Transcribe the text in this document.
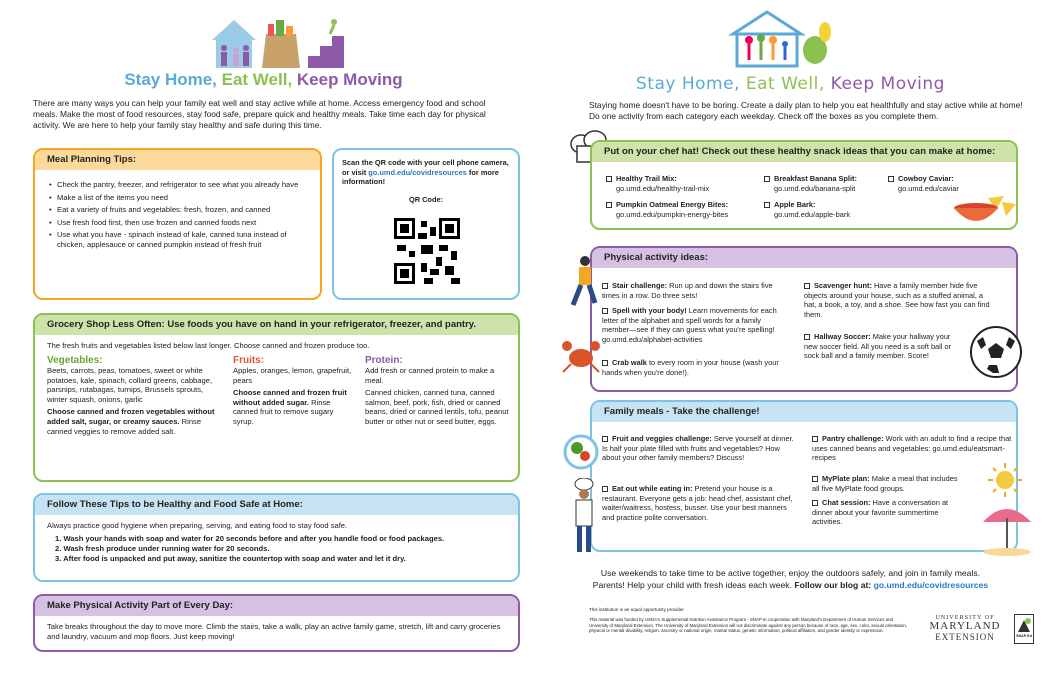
Stay Home, Eat Well, Keep Moving
There are many ways you can help your family eat well and stay active while at home. Access emergency food and school meals. Make the most of food resources, stay food safe, prepare quick and healthy meals. Take time each day for physical activity. We are here to help your family stay healthy and safe during this time.
Meal Planning Tips:
• Check the pantry, freezer, and refrigerator to see what you already have
• Make a list of the items you need
• Eat a variety of fruits and vegetables: fresh, frozen, and canned
• Use fresh food first, then use frozen and canned foods next
• Use what you have - spinach instead of kale, canned tuna instead of chicken, applesauce or canned pumpkin instead of fresh fruit
Scan the QR code with your cell phone camera, or visit go.umd.edu/covidresources for more information!
QR Code:
Grocery Shop Less Often: Use foods you have on hand in your refrigerator, freezer, and pantry.
The fresh fruits and vegetables listed below last longer. Choose canned and frozen produce too.
Vegetables:
Beets, carrots, peas, tomatoes, sweet or white potatoes, kale, spinach, collard greens, cabbage, parsnips, rutabagas, turnips, Brussels sprouts, winter squash, onions, garlic
Choose canned and frozen vegetables without added salt, sugar, or creamy sauces. Rinse canned veggies to remove added salt.
Fruits:
Apples, oranges, lemon, grapefruit, pears
Choose canned and frozen fruit without added sugar. Rinse canned fruit to remove sugary syrup.
Protein:
Add fresh or canned protein to make a meal.
Canned chicken, canned tuna, canned salmon, beef, pork, fish, dried or canned beans, dried or canned lentils, tofu, peanut butter or other nut or seed butter, eggs.
Follow These Tips to be Healthy and Food Safe at Home:
Always practice good hygiene when preparing, serving, and eating food to stay food safe.
1. Wash your hands with soap and water for 20 seconds before and after you handle food or food packages.
2. Wash fresh produce under running water for 20 seconds.
3. After food is unpacked and put away, sanitize the countertop with soap and water and let it dry.
Make Physical Activity Part of Every Day:
Take breaks throughout the day to move more. Climb the stairs, take a walk, play an active family game, stretch, lift and carry groceries and laundry, vacuum and mop floors. Just keep moving!
Stay Home, Eat Well, Keep Moving
Staying home doesn't have to be boring. Create a daily plan to help you eat healthfully and stay active while at home! Do one activity from each category each weekday. Check off the boxes as you complete them.
Put on your chef hat! Check out these healthy snack ideas that you can make at home:
Healthy Trail Mix:
go.umd.edu/healthy-trail-mix
Breakfast Banana Split:
go.umd.edu/banana-split
Cowboy Caviar:
go.umd.edu/caviar
Pumpkin Oatmeal Energy Bites:
go.umd.edu/pumpkin-energy-bites
Apple Bark:
go.umd.edu/apple-bark
Physical activity ideas:
Stair challenge: Run up and down the stairs five times in a row. Do three sets!
Spell with your body! Learn movements for each letter of the alphabet and spell words for a family member—see if they can guess what you're spelling! go.umd.edu/alphabet-activities
Crab walk to every room in your house (wash your hands when you're done!).
Scavenger hunt: Have a family member hide five objects around your house, such as a stuffed animal, a hat, a book, a toy, and a shoe. See how fast you can find them.
Hallway Soccer: Make your hallway your new soccer field. All you need is a soft ball or sock ball and a family member. Score!
Family meals - Take the challenge!
Fruit and veggies challenge: Serve yourself at dinner. Is half your plate filled with fruits and vegetables? How about your other family members? Discuss!
Eat out while eating in: Pretend your house is a restaurant. Everyone gets a job: head chef, assistant chef, waiter/waitress, hostess, busser. Use your best manners and practice polite conversation.
Pantry challenge: Work with an adult to find a recipe that uses canned beans and vegetables: go.umd.edu/eatsmart-recipes
MyPlate plan: Make a meal that includes all five MyPlate food groups.
Chat session: Have a conversation at dinner about your favorite summertime activities.
Use weekends to take time to be active together, enjoy the outdoors safely, and join in family meals.
Parents! Help your child with fresh ideas each week. Follow our blog at: go.umd.edu/covidresources
This institution is an equal opportunity provider.
This material was funded by USDA's Supplemental Nutrition Assistance Program - SNAP in cooperation with Maryland's Department of Human Services and University of Maryland Extension. The University of Maryland Extension will not discriminate against any person because of race, age, sex, color, sexual orientation, physical or mental disability, religion, ancestry or national origin, marital status, genetic information, political affiliation, and gender identity or expression.
UNIVERSITY OF
MARYLAND
EXTENSION	SNAP-Ed
